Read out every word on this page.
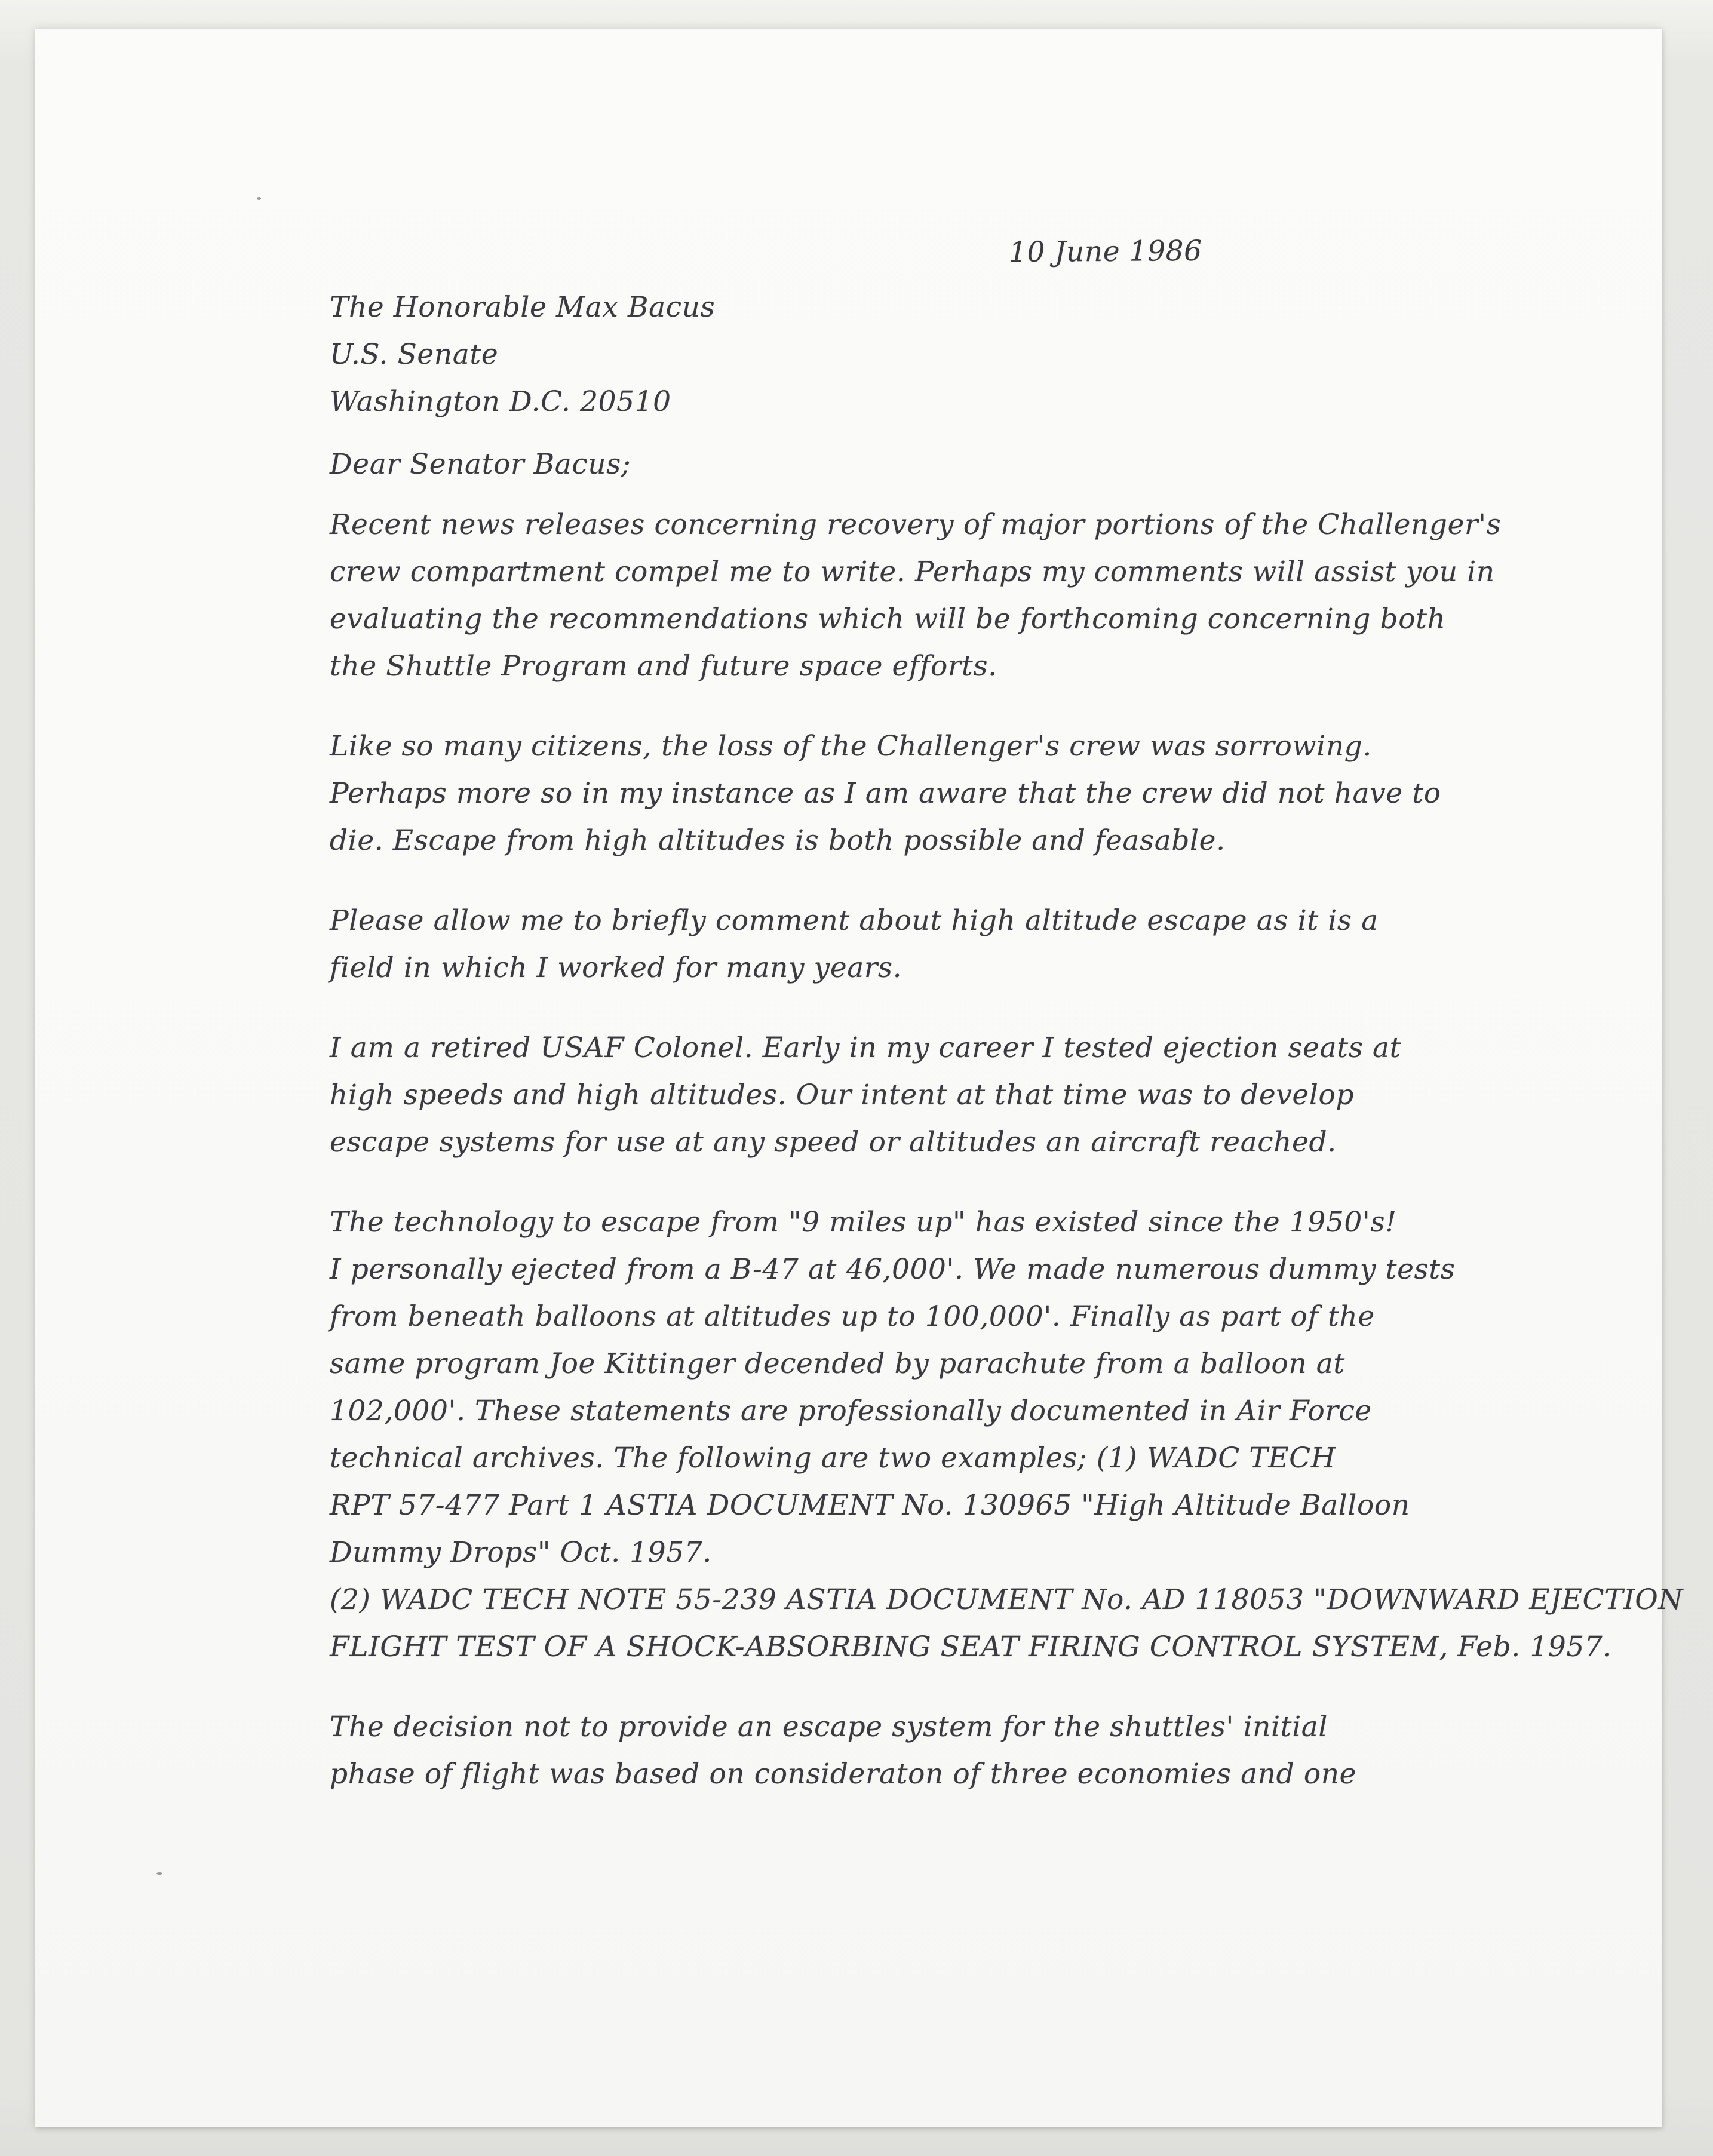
10 June 1986
The Honorable Max Bacus
U.S. Senate
Washington D.C. 20510
Dear Senator Bacus;
Recent news releases concerning recovery of major portions of the Challenger's
crew compartment compel me to write. Perhaps my comments will assist you in
evaluating the recommendations which will be forthcoming concerning both
the Shuttle Program and future space efforts.
Like so many citizens, the loss of the Challenger's crew was sorrowing.
Perhaps more so in my instance as I am aware that the crew did not have to
die. Escape from high altitudes is both possible and feasable.
Please allow me to briefly comment about high altitude escape as it is a
field in which I worked for many years.
I am a retired USAF Colonel. Early in my career I tested ejection seats at
high speeds and high altitudes. Our intent at that time was to develop
escape systems for use at any speed or altitudes an aircraft reached.
The technology to escape from "9 miles up" has existed since the 1950's!
I personally ejected from a B-47 at 46,000'. We made numerous dummy tests
from beneath balloons at altitudes up to 100,000'. Finally as part of the
same program Joe Kittinger decended by parachute from a balloon at
102,000'. These statements are professionally documented in Air Force
technical archives. The following are two examples; (1) WADC TECH
RPT 57-477 Part 1 ASTIA DOCUMENT No. 130965 "High Altitude Balloon
Dummy Drops" Oct. 1957.
(2) WADC TECH NOTE 55-239 ASTIA DOCUMENT No. AD 118053 "DOWNWARD EJECTION
FLIGHT TEST OF A SHOCK-ABSORBING SEAT FIRING CONTROL SYSTEM, Feb. 1957.
The decision not to provide an escape system for the shuttles' initial
phase of flight was based on consideraton of three economies and one
